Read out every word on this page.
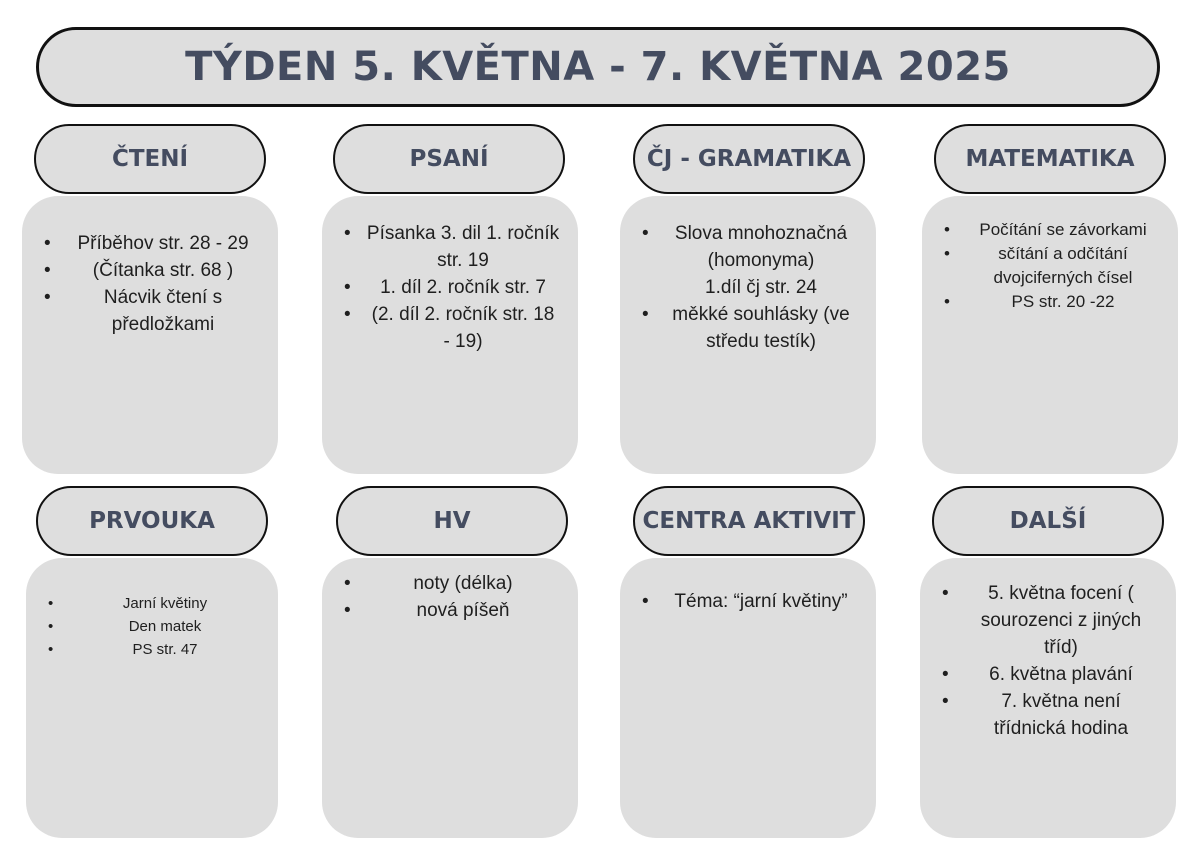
TÝDEN 5. KVĚTNA - 7. KVĚTNA 2025
ČTENÍ
• Příběhov str. 28 - 29
• (Čítanka str. 68 )
• Nácvik čtení s předložkami
PSANÍ
• Písanka 3. dil 1. ročník str. 19
• 1. díl 2. ročník str. 7
• (2. díl 2. ročník str. 18 - 19)
ČJ - GRAMATIKA
• Slova mnohoznačná (homonyma)
1.díl čj str. 24
• měkké souhlásky (ve středu testík)
MATEMATIKA
• Počítání se závorkami
• sčítání a odčítání dvojciferných čísel
• PS str. 20 -22
PRVOUKA
• Jarní květiny
• Den matek
• PS str. 47
HV
• noty (délka)
• nová píšeň
CENTRA AKTIVIT
• Téma: “jarní květiny”
DALŠÍ
• 5. května focení ( sourozenci z jiných tříd)
• 6. května plavání
• 7. května není třídnická hodina
